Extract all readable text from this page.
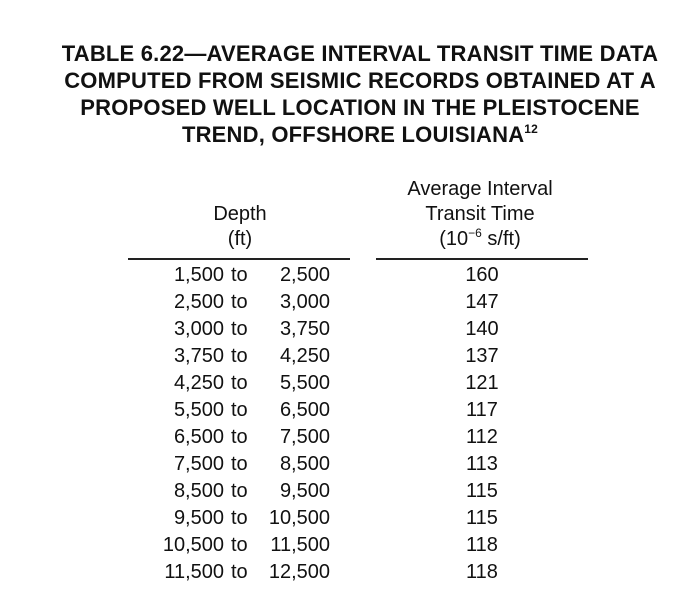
TABLE 6.22—AVERAGE INTERVAL TRANSIT TIME DATA
COMPUTED FROM SEISMIC RECORDS OBTAINED AT A
PROPOSED WELL LOCATION IN THE PLEISTOCENE
TREND, OFFSHORE LOUISIANA$^{12}$
Depth
(ft)
Average Interval
Transit Time
($10^{-6}$ s/ft)
1,500 to	2,500	160
2,500 to	3,000	147
3,000 to	3,750	140
3,750 to	4,250	137
4,250 to	5,500	121
5,500 to	6,500	117
6,500 to	7,500	112
7,500 to	8,500	113
8,500 to	9,500	115
9,500 to	10,500	115
10,500 to	11,500	118
11,500 to	12,500	118
